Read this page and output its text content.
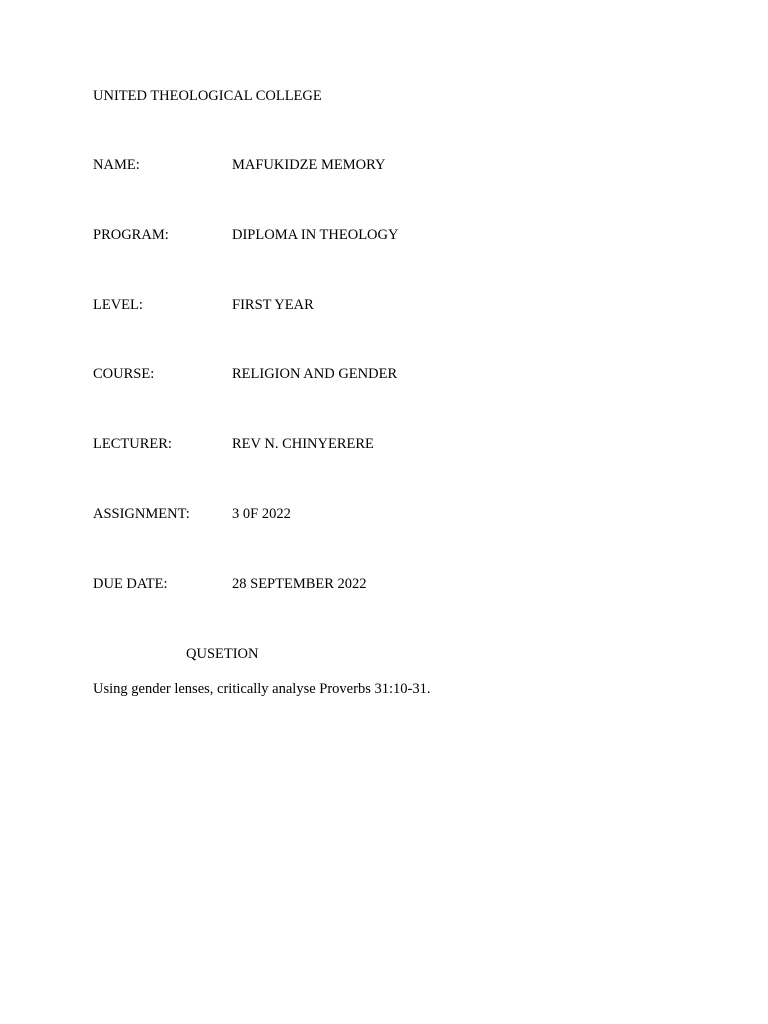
UNITED THEOLOGICAL COLLEGE
NAME:	MAFUKIDZE MEMORY
PROGRAM:	DIPLOMA IN THEOLOGY
LEVEL:	FIRST YEAR
COURSE:	RELIGION AND GENDER
LECTURER:	REV N. CHINYERERE
ASSIGNMENT:	3 0F 2022
DUE DATE:	28 SEPTEMBER 2022
QUSETION
Using gender lenses, critically analyse Proverbs 31:10-31.
